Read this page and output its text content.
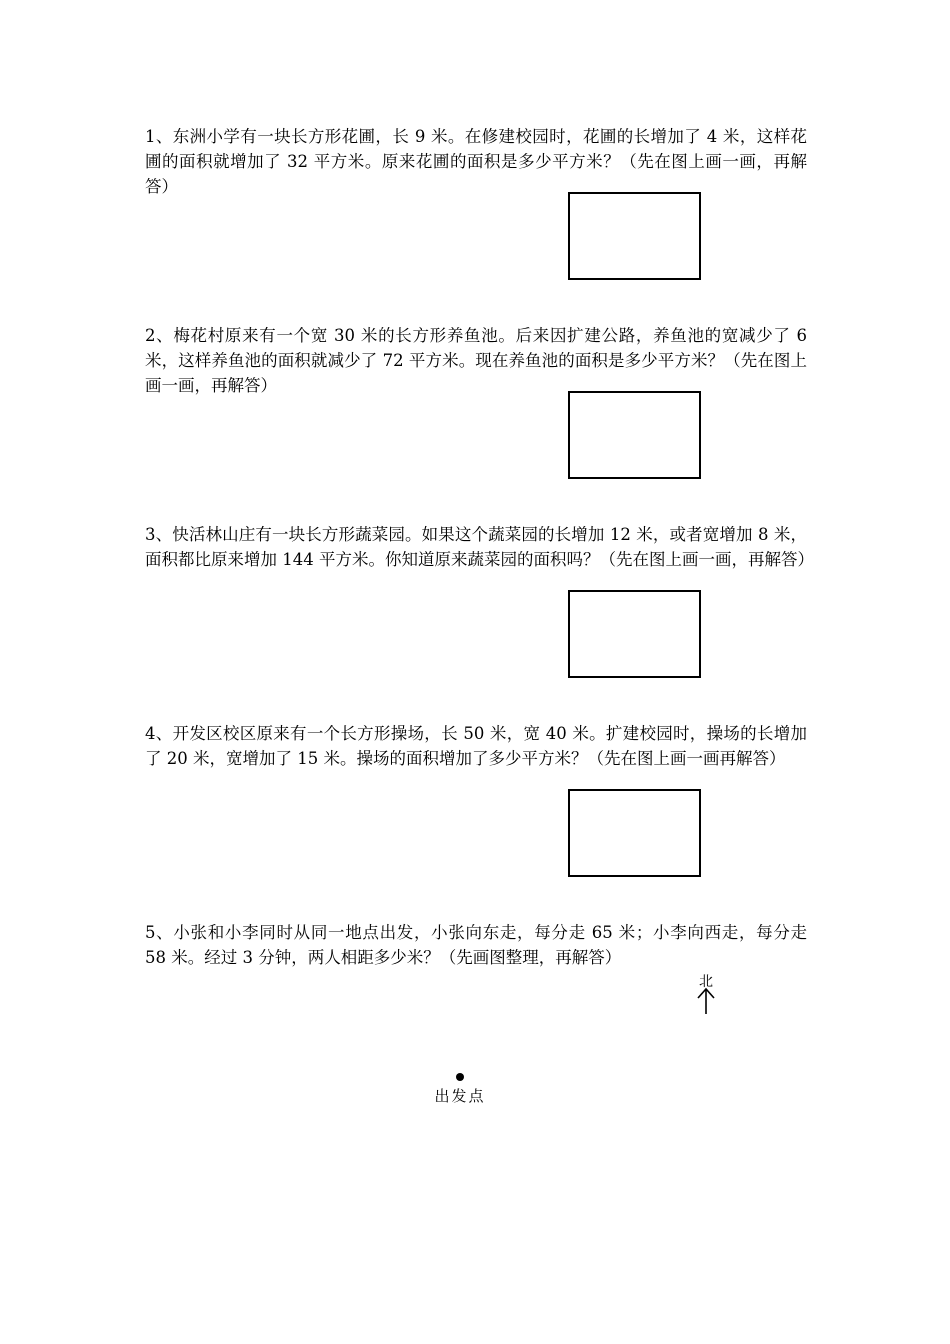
1、东洲小学有一块长方形花圃，长 9 米。在修建校园时，花圃的长增加了 4 米，这样花圃的面积就增加了 32 平方米。原来花圃的面积是多少平方米？（先在图上画一画，再解答）

2、梅花村原来有一个宽 30 米的长方形养鱼池。后来因扩建公路，养鱼池的宽减少了 6 米，这样养鱼池的面积就减少了 72 平方米。现在养鱼池的面积是多少平方米？（先在图上画一画，再解答）

3、快活林山庄有一块长方形蔬菜园。如果这个蔬菜园的长增加 12 米，或者宽增加 8 米，面积都比原来增加 144 平方米。你知道原来蔬菜园的面积吗？（先在图上画一画，再解答）

4、开发区校区原来有一个长方形操场，长 50 米，宽 40 米。扩建校园时，操场的长增加了 20 米，宽增加了 15 米。操场的面积增加了多少平方米？（先在图上画一画再解答）

5、小张和小李同时从同一地点出发，小张向东走，每分走 65 米；小李向西走，每分走 58 米。经过 3 分钟，两人相距多少米？（先画图整理，再解答）

北
出发点
